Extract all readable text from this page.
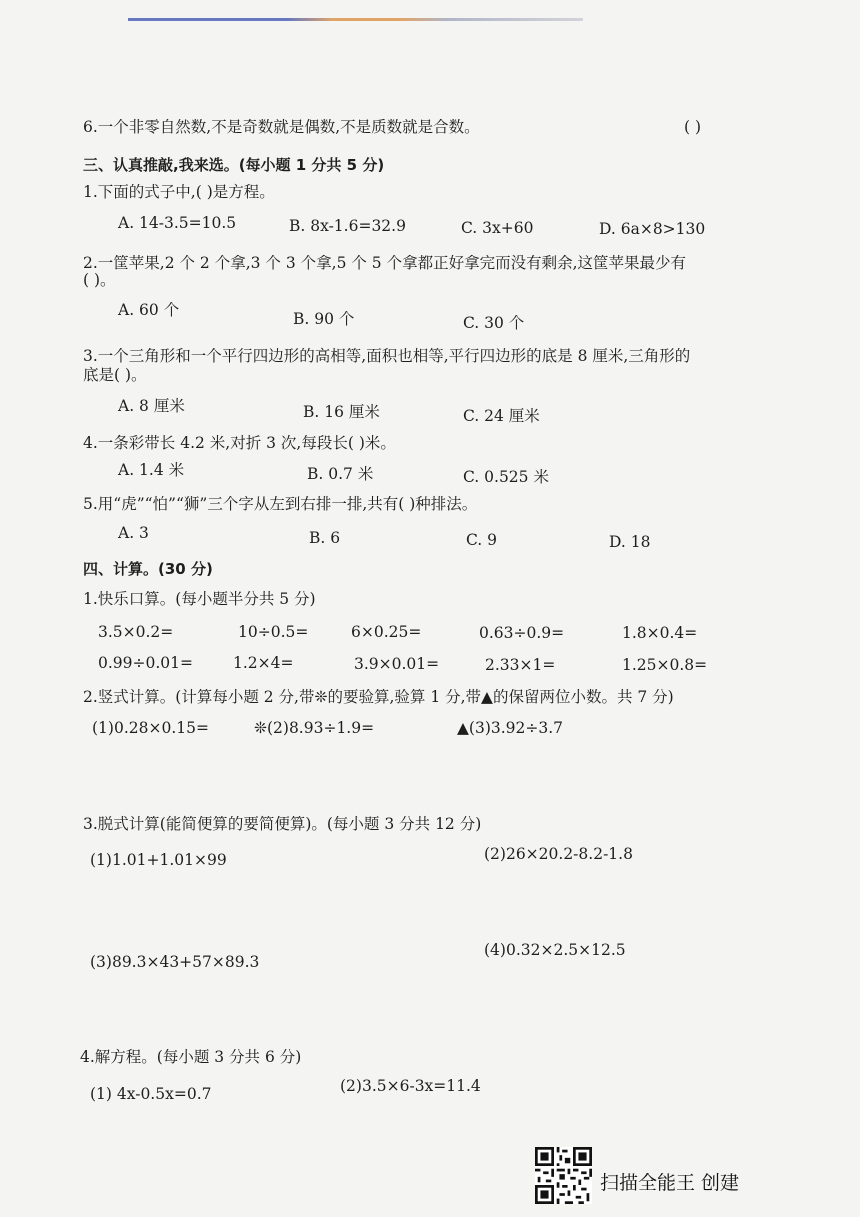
6.一个非零自然数,不是奇数就是偶数,不是质数就是合数。	( )
三、认真推敲,我来选。(每小题 1 分共 5 分)
1.下面的式子中,( )是方程。
A. 14-3.5=10.5	B. 8x-1.6=32.9	C. 3x+60	D. 6a×8>130
2.一筐苹果,2 个 2 个拿,3 个 3 个拿,5 个 5 个拿都正好拿完而没有剩余,这筐苹果最少有
( )。
A. 60 个	B. 90 个	C. 30 个
3.一个三角形和一个平行四边形的高相等,面积也相等,平行四边形的底是 8 厘米,三角形的
底是( )。
A. 8 厘米	B. 16 厘米	C. 24 厘米
4.一条彩带长 4.2 米,对折 3 次,每段长( )米。
A. 1.4 米	B. 0.7 米	C. 0.525 米
5.用“虎”“怕”“狮”三个字从左到右排一排,共有( )种排法。
A. 3	B. 6	C. 9	D. 18
四、计算。(30 分)
1.快乐口算。(每小题半分共 5 分)
3.5×0.2=	10÷0.5=	6×0.25=	0.63÷0.9=	1.8×0.4=
0.99÷0.01=	1.2×4=	3.9×0.01=	2.33×1=	1.25×0.8=
2.竖式计算。(计算每小题 2 分,带❊的要验算,验算 1 分,带▲的保留两位小数。共 7 分)
(1)0.28×0.15=	❊(2)8.93÷1.9=	▲(3)3.92÷3.7
3.脱式计算(能简便算的要简便算)。(每小题 3 分共 12 分)
(1)1.01+1.01×99	(2)26×20.2-8.2-1.8
(3)89.3×43+57×89.3
(4)0.32×2.5×12.5
4.解方程。(每小题 3 分共 6 分)
(1) 4x-0.5x=0.7	(2)3.5×6-3x=11.4
扫描全能王 创建
